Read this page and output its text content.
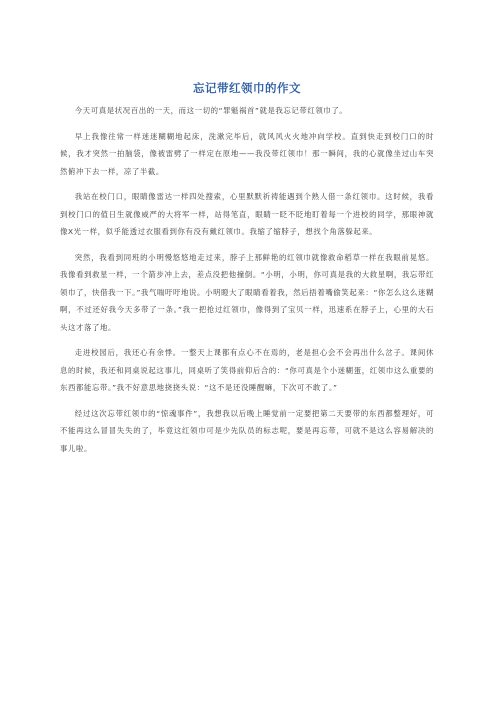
忘记带红领巾的作文

今天可真是状况百出的一天，而这一切的“罪魁祸首”就是我忘记带红领巾了。

早上我像往常一样迷迷糊糊地起床，洗漱完毕后，就风风火火地冲向学校。直到快走到校门口的时候，我才突然一拍脑袋，像被雷劈了一样定在原地——我没带红领巾！那一瞬间，我的心就像坐过山车突然俯冲下去一样，凉了半截。

我站在校门口，眼睛像雷达一样四处搜索，心里默默祈祷能遇到个熟人借一条红领巾。这时候，我看到校门口的值日生就像威严的大将军一样，站得笔直，眼睛一眨不眨地盯着每一个进校的同学，那眼神就像X光一样，似乎能透过衣服看到你有没有戴红领巾。我缩了缩脖子，想找个角落躲起来。

突然，我看到同班的小明慢悠悠地走过来，脖子上那鲜艳的红领巾就像救命稻草一样在我眼前晃悠。我像看到救星一样，一个箭步冲上去，差点没把他撞倒。“小明，小明，你可真是我的大救星啊，我忘带红领巾了，快借我一下。”我气喘吁吁地说。小明瞪大了眼睛看着我，然后捂着嘴偷笑起来：“你怎么这么迷糊啊，不过还好我今天多带了一条。”我一把抢过红领巾，像得到了宝贝一样，迅速系在脖子上，心里的大石头这才落了地。

走进校园后，我还心有余悸。一整天上课都有点心不在焉的，老是担心会不会再出什么岔子。课间休息的时候，我还和同桌说起这事儿，同桌听了笑得前仰后合的：“你可真是个小迷糊蛋，红领巾这么重要的东西都能忘带。”我不好意思地挠挠头说：“这不是还没睡醒嘛，下次可不敢了。”

经过这次忘带红领巾的“惊魂事件”，我想我以后晚上睡觉前一定要把第二天要带的东西都整理好，可不能再这么冒冒失失的了，毕竟这红领巾可是少先队员的标志呢，要是再忘带，可就不是这么容易解决的事儿啦。
